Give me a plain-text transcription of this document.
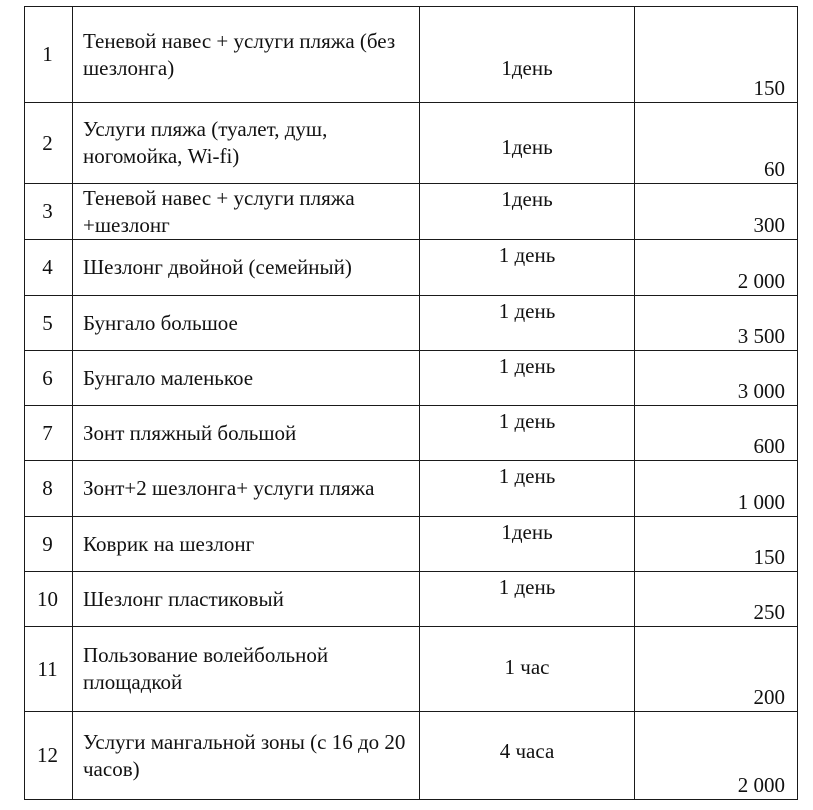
1	Теневой навес + услуги пляжа (без шезлонга)	1день	150
2	Услуги пляжа (туалет, душ, ногомойка, Wi-fi)	1день	60
3	Теневой навес + услуги пляжа +шезлонг	1день	300
4	Шезлонг двойной (семейный)	1 день	2 000
5	Бунгало большое	1 день	3 500
6	Бунгало маленькое	1 день	3 000
7	Зонт пляжный большой	1 день	600
8	Зонт+2 шезлонга+ услуги пляжа	1 день	1 000
9	Коврик на шезлонг	1день	150
10	Шезлонг пластиковый	1 день	250
11	Пользование волейбольной площадкой	1 час	200
12	Услуги мангальной зоны (с 16 до 20 часов)	4 часа	2 000
